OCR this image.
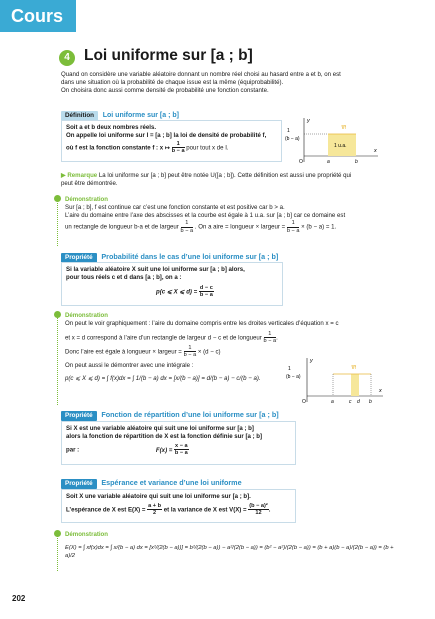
Cours
4 Loi uniforme sur [a ; b]
Quand on considère une variable aléatoire donnant un nombre réel choisi au hasard entre a et b, on est
dans une situation où la probabilité de chaque issue est la même (équiprobabilité).
On choisira donc aussi comme densité de probabilité une fonction constante.
Définition Loi uniforme sur [a ; b]
Soit a et b deux nombres réels.
On appelle loi uniforme sur I = [a ; b] la loi de densité de probabilité f,
où f est la fonction constante f : x ↦ $\frac{1}{b - a}$ pour tout x de I.
1
(b − a)
y
x
𝒞f
1 u.a.
O	a	b
▶ Remarque La loi uniforme sur [a ; b] peut être notée U([a ; b]). Cette définition est aussi une propriété qui
peut être démontrée.
Démonstration
Sur [a ; b], f est continue car c’est une fonction constante et est positive car b > a.
L’aire du domaine entre l’axe des abscisses et la courbe est égale à 1 u.a. sur [a ; b] car ce domaine est
un rectangle de longueur b-a et de largeur $\frac{1}{b - a}$ . On a aire = longueur × largeur = $\frac{1}{b - a} \times (b - a) = 1$.
Propriété Probabilité dans le cas d’une loi uniforme sur [a ; b]
Si la variable aléatoire X suit une loi uniforme sur [a ; b] alors,
pour tous réels c et d dans [a ; b], on a :
p(c ⩽ X ⩽ $d) = \frac{d - c}{b - a}$
Démonstration
On peut le voir graphiquement : l’aire du domaine compris entre les droites verticales d’équation x = c
et x = d correspond à l’aire d’un rectangle de largeur d − c et de longueur $\frac{1}{b - a}$ .
Donc l’aire est égale à longueur × largeur = $\frac{1}{b - a} \times (d - c)$
On peut aussi le démontrer avec une intégrale :
p(c ⩽ X ⩽ d) = ∫ f(x)dx = ∫ 1/(b − a) dx = [x/(b − a)] = d/(b − a) − c/(b − a).
1
(b − a)
y
x
𝒞f
O	a	c d b
Propriété Fonction de répartition d’une loi uniforme sur [a ; b]
Si X est une variable aléatoire qui suit une loi uniforme sur [a ; b]
alors la fonction de répartition de X est la fonction définie sur [a ; b]
par :	$F(x) = \frac{x - a}{b - a}$
Propriété Espérance et variance d’une loi uniforme
Soit X une variable aléatoire qui suit une loi uniforme sur [a ; b].
L’espérance de X est $E(X) = \frac{a + b}{2}$ et la variance de X est $V(X) = \frac{\text{(b − a)²}}{12}$ .
Démonstration
E(X) = ∫ xf(x)dx = ∫ x/(b − a) dx = [x²/(2(b − a))] = b²/(2(b − a)) − a²/(2(b − a)) = (b² − a²)/(2(b − a)) = (b + a)(b − a)/(2(b − a)) = (b + a)/2
202
